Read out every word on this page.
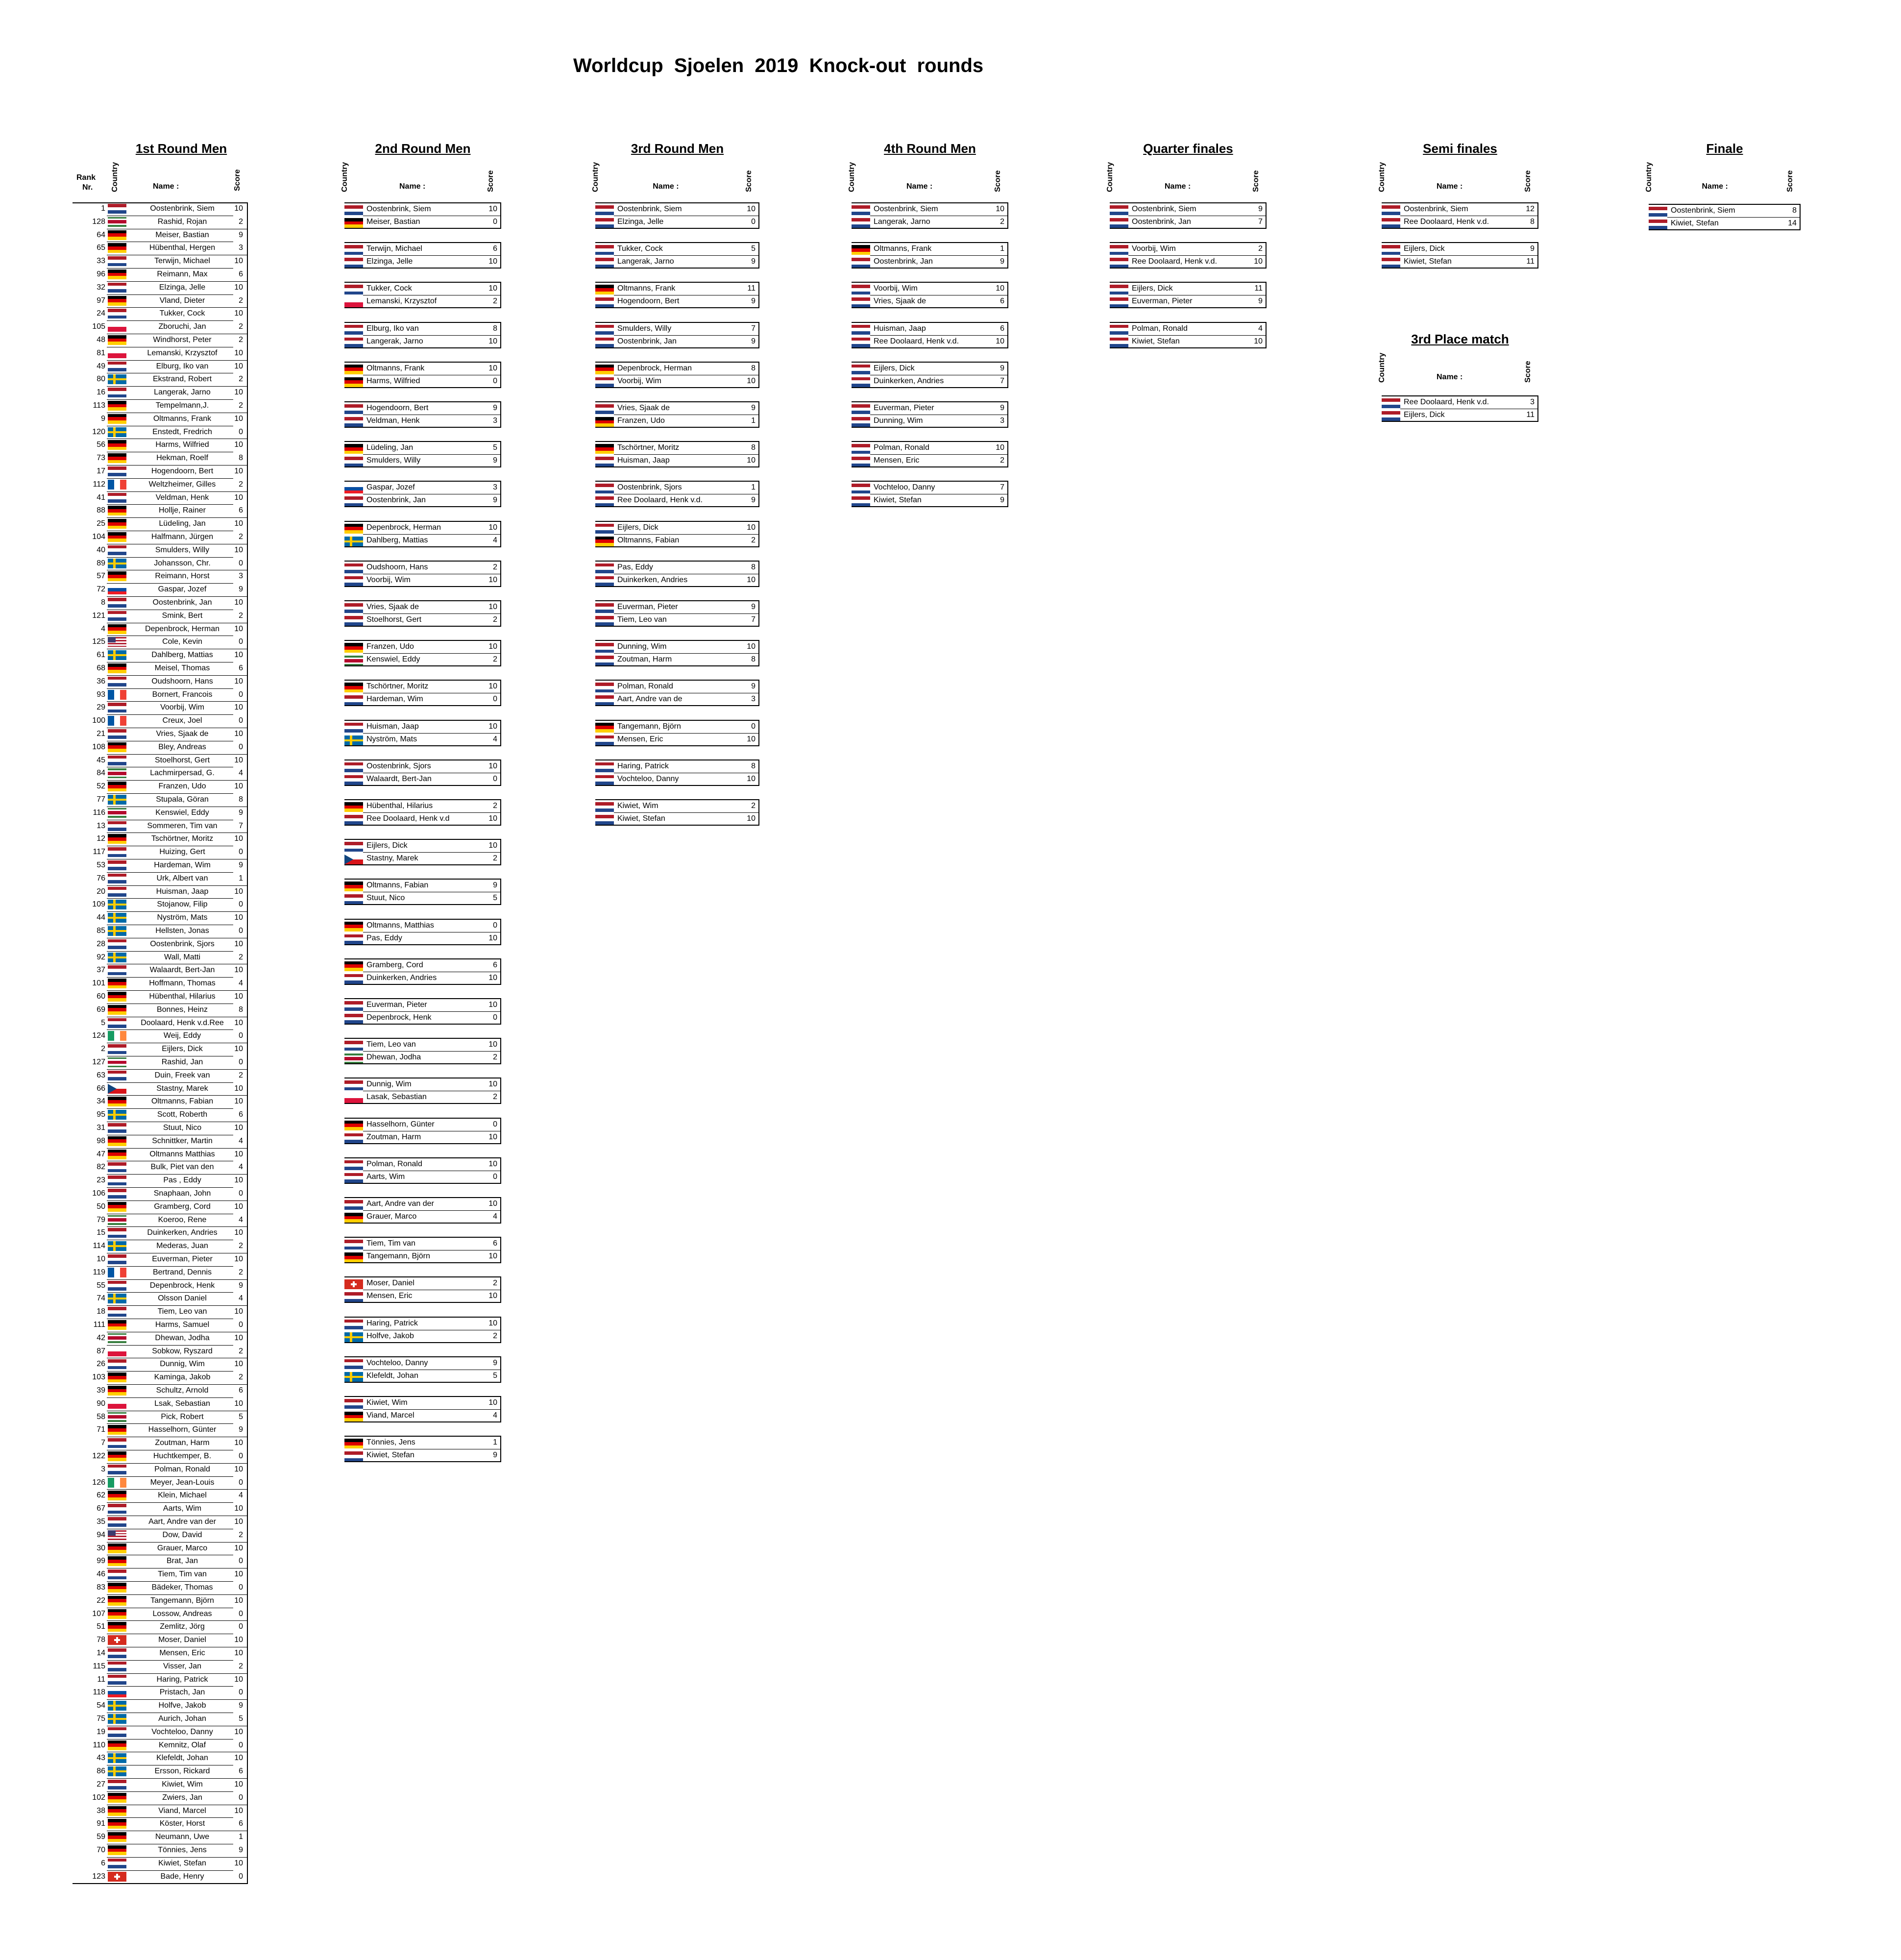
Worldcup  Sjoelen  2019  Knock-out  rounds
1st Round Men
Rank
Nr. Country	Name :	Score
1	Oostenbrink, Siem	10
128	Rashid, Rojan	2
64	Meiser, Bastian	9
65	Hübenthal, Hergen	3
33	Terwijn, Michael	10
96	Reimann, Max	6
32	Elzinga, Jelle	10
97	Vland, Dieter	2
24	Tukker, Cock	10
105	Zboruchi, Jan	2
48	Windhorst, Peter	2
81	Lemanski, Krzysztof	10
49	Elburg, Iko van	10
80	Ekstrand, Robert	2
16	Langerak, Jarno	10
113	Tempelmann,J.	2
9	Oltmanns, Frank	10
120	Enstedt, Fredrich	0
56	Harms, Wilfried	10
73	Hekman, Roelf	8
17	Hogendoorn, Bert	10
112	Weltzheimer, Gilles	2
41	Veldman, Henk	10
88	Hollje, Rainer	6
25	Lüdeling, Jan	10
104	Halfmann, Jürgen	2
40	Smulders, Willy	10
89	Johansson, Chr.	0
57	Reimann, Horst	3
72	Gaspar, Jozef	9
8	Oostenbrink, Jan	10
121	Smink, Bert	2
4	Depenbrock, Herman	10
125	Cole, Kevin	0
61	Dahlberg, Mattias	10
68	Meisel, Thomas	6
36	Oudshoorn, Hans	10
93	Bornert, Francois	0
29	Voorbij, Wim	10
100	Creux, Joel	0
21	Vries, Sjaak de	10
108	Bley, Andreas	0
45	Stoelhorst, Gert	10
84	Lachmirpersad, G.	4
52	Franzen, Udo	10
77	Stupala, Göran	8
116	Kenswiel, Eddy	9
13	Sommeren, Tim van	7
12	Tschörtner, Moritz	10
117	Huizing, Gert	0
53	Hardeman, Wim	9
76	Urk, Albert van	1
20	Huisman, Jaap	10
109	Stojanow, Filip	0
44	Nyström, Mats	10
85	Hellsten, Jonas	0
28	Oostenbrink, Sjors	10
92	Wall, Matti	2
37	Walaardt, Bert-Jan	10
101	Hoffmann, Thomas	4
60	Hübenthal, Hilarius	10
69	Bonnes, Heinz	8
5	Doolaard, Henk v.d.Ree	10
124	Weij, Eddy	0
2	Eijlers, Dick	10
127	Rashid, Jan	0
63	Duin, Freek van	2
66	Stastny, Marek	10
34	Oltmanns, Fabian	10
95	Scott, Roberth	6
31	Stuut, Nico	10
98	Schnittker, Martin	4
47	Oltmanns Matthias	10
82	Bulk, Piet van den	4
23	Pas , Eddy	10
106	Snaphaan, John	0
50	Gramberg, Cord	10
79	Koeroo, Rene	4
15	Duinkerken, Andries	10
114	Mederas, Juan	2
10	Euverman, Pieter	10
119	Bertrand, Dennis	2
55	Depenbrock, Henk	9
74	Olsson Daniel	4
18	Tiem, Leo van	10
111	Harms, Samuel	0
42	Dhewan, Jodha	10
87	Sobkow, Ryszard	2
26	Dunnig, Wim	10
103	Kaminga, Jakob	2
39	Schultz, Arnold	6
90	Lsak, Sebastian	10
58	Pick, Robert	5
71	Hasselhorn, Günter	9
7	Zoutman, Harm	10
122	Huchtkemper, B.	0
3	Polman, Ronald	10
126	Meyer, Jean-Louis	0
62	Klein, Michael	4
67	Aarts, Wim	10
35	Aart, Andre van der	10
94	Dow, David	2
30	Grauer, Marco	10
99	Brat, Jan	0
46	Tiem, Tim van	10
83	Bädeker, Thomas	0
22	Tangemann, Björn	10
107	Lossow, Andreas	0
51	Zemlitz, Jörg	0
78	Moser, Daniel	10
14	Mensen, Eric	10
115	Visser, Jan	2
11	Haring, Patrick	10
118	Pristach, Jan	0
54	Holfve, Jakob	9
75	Aurich, Johan	5
19	Vochteloo, Danny	10
110	Kemnitz, Olaf	0
43	Klefeldt, Johan	10
86	Ersson, Rickard	6
27	Kiwiet, Wim	10
102	Zwiers, Jan	0
38	Viand, Marcel	10
91	Köster, Horst	6
59	Neumann, Uwe	1
70	Tönnies, Jens	9
6	Kiwiet, Stefan	10
123	Bade, Henry	0
2nd Round Men
Country	Name :	Score
Oostenbrink, Siem	10
Meiser, Bastian	0
Terwijn, Michael	6
Elzinga, Jelle	10
Tukker, Cock	10
Lemanski, Krzysztof	2
Elburg, Iko van	8
Langerak, Jarno	10
Oltmanns, Frank	10
Harms, Wilfried	0
Hogendoorn, Bert	9
Veldman, Henk	3
Lüdeling, Jan	5
Smulders, Willy	9
Gaspar, Jozef	3
Oostenbrink, Jan	9
Depenbrock, Herman	10
Dahlberg, Mattias	4
Oudshoorn, Hans	2
Voorbij, Wim	10
Vries, Sjaak de	10
Stoelhorst, Gert	2
Franzen, Udo	10
Kenswiel, Eddy	2
Tschörtner, Moritz	10
Hardeman, Wim	0
Huisman, Jaap	10
Nyström, Mats	4
Oostenbrink, Sjors	10
Walaardt, Bert-Jan	0
Hübenthal, Hilarius	2
Ree Doolaard, Henk v.d	10
Eijlers, Dick	10
Stastny, Marek	2
Oltmanns, Fabian	9
Stuut, Nico	5
Oltmanns, Matthias	0
Pas, Eddy	10
Gramberg, Cord	6
Duinkerken, Andries	10
Euverman, Pieter	10
Depenbrock, Henk	0
Tiem, Leo van	10
Dhewan, Jodha	2
Dunnig, Wim	10
Lasak, Sebastian	2
Hasselhorn, Günter	0
Zoutman, Harm	10
Polman, Ronald	10
Aarts, Wim	0
Aart, Andre van der	10
Grauer, Marco	4
Tiem, Tim van	6
Tangemann, Björn	10
Moser, Daniel	2
Mensen, Eric	10
Haring, Patrick	10
Holfve, Jakob	2
Vochteloo, Danny	9
Klefeldt, Johan	5
Kiwiet, Wim	10
Viand, Marcel	4
Tönnies, Jens	1
Kiwiet, Stefan	9
3rd Round Men
Country	Name :	Score
Oostenbrink, Siem	10
Elzinga, Jelle	0
Tukker, Cock	5
Langerak, Jarno	9
Oltmanns, Frank	11
Hogendoorn, Bert	9
Smulders, Willy	7
Oostenbrink, Jan	9
Depenbrock, Herman	8
Voorbij, Wim	10
Vries, Sjaak de	9
Franzen, Udo	1
Tschörtner, Moritz	8
Huisman, Jaap	10
Oostenbrink, Sjors	1
Ree Doolaard, Henk v.d.	9
Eijlers, Dick	10
Oltmanns, Fabian	2
Pas, Eddy	8
Duinkerken, Andries	10
Euverman, Pieter	9
Tiem, Leo van	7
Dunning, Wim	10
Zoutman, Harm	8
Polman, Ronald	9
Aart, Andre van de	3
Tangemann, Björn	0
Mensen, Eric	10
Haring, Patrick	8
Vochteloo, Danny	10
Kiwiet, Wim	2
Kiwiet, Stefan	10
4th Round Men
Country	Name :	Score
Oostenbrink, Siem	10
Langerak, Jarno	2
Oltmanns, Frank	1
Oostenbrink, Jan	9
Voorbij, Wim	10
Vries, Sjaak de	6
Huisman, Jaap	6
Ree Doolaard, Henk v.d.	10
Eijlers, Dick	9
Duinkerken, Andries	7
Euverman, Pieter	9
Dunning, Wim	3
Polman, Ronald	10
Mensen, Eric	2
Vochteloo, Danny	7
Kiwiet, Stefan	9
Quarter finales
Country	Name :	Score
Oostenbrink, Siem	9
Oostenbrink, Jan	7
Voorbij, Wim	2
Ree Doolaard, Henk v.d.	10
Eijlers, Dick	11
Euverman, Pieter	9
Polman, Ronald	4
Kiwiet, Stefan	10
Semi finales
Country	Name :	Score
Oostenbrink, Siem	12
Ree Doolaard, Henk v.d.	8
Eijlers, Dick	9
Kiwiet, Stefan	11
3rd Place match
Country	Name :	Score
Ree Doolaard, Henk v.d.	3
Eijlers, Dick	11
Finale
Country	Name :	Score
Oostenbrink, Siem	8
Kiwiet, Stefan	14
